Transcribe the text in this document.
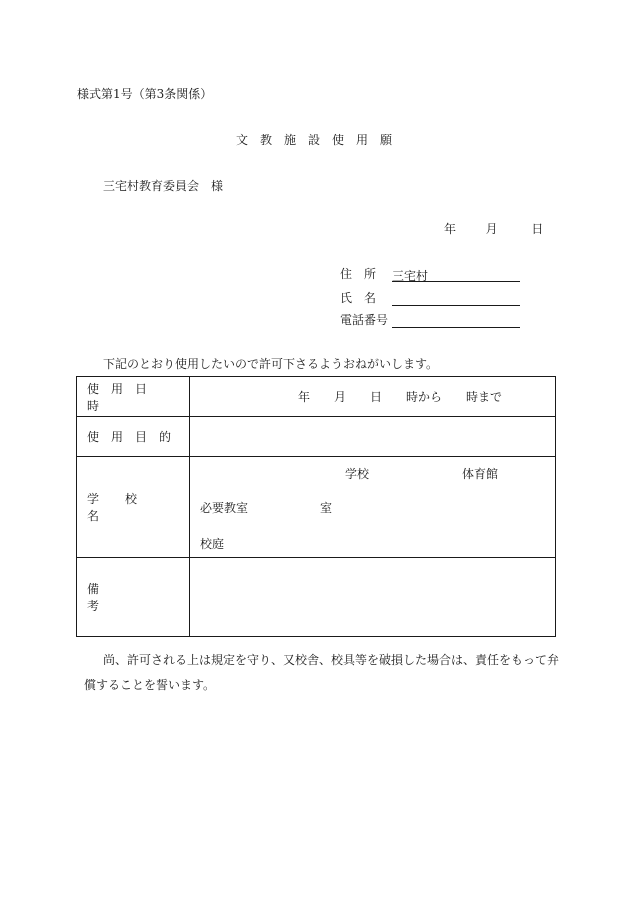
様式第1号（第3条関係）
文教施設使用願
三宅村教育委員会　様
年 月	日
住　所 三宅村
氏　名
電話番号
下記のとおり使用したいので許可下さるようおねがいします。
使用日時	年　　月　　日　　時から　　時まで
使用目的	
学校名	学校 体育館
必要教室 室
校庭

備考	
尚、許可される上は規定を守り、又校舎、校具等を破損した場合は、責任をもって弁
償することを誓います。
